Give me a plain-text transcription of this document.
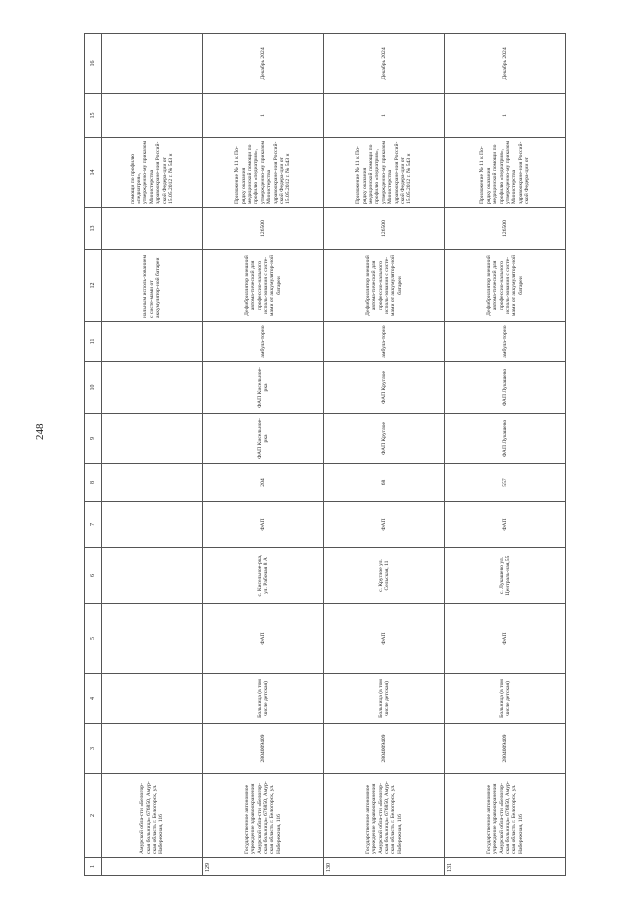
248
1	2	3	4	5	6	7	8	9	10	11	12	13	14	15	16
	Амурской обла-сти «Белогор-ская больница» 676850, Амур-ская область г. Белогорск, ул. Набережная, 116										нальным исполь-зованием с систе-мами от аккумулятор-ной батареи		помощи по профилю «педиатрия», утвержденно-му приказом Министерства здравоохране-ния Россий-ской Федера-ции от 15.05.2012 г. № 543 н		
129	Государственное автономное учреждение здравоохранения Амурской обла-сти «Белогор-ская больница» 676850, Амур-ская область г. Белогорск, ул. Набережная, 116	2804009409	Больница (в том числе детская)	ФАП	с. Кисельное-рка, ул. Рабочая 8 А	ФАП	204	ФАП Кисельное-рка	ФАП Кисельное-рка	амбула-торно	Дефибриллятор внешний автома-тический для профессио-нального исполь-зования с систе-мами от аккумулятор-ной батареи	126500	Приложение № 11 к По-рядку оказания медицинской помощи по профилю «педиатрия», утвержденно-му приказом Министерства здравоохране-ния Россий-ской Федера-ции от 15.05.2012 г. № 543 н	1	Декабрь 2024
130	Государственное автономное учреждение здравоохранения Амурской обла-сти «Белогор-ская больница» 676850, Амур-ская область г. Белогорск, ул. Набережная, 116	2804009409	Больница (в том числе детская)	ФАП	с. Круглое ул. Сельская, 11	ФАП	68	ФАП Круглое	ФАП Круглое	амбула-торно	Дефибриллятор внешний автома-тический для профессио-нального исполь-зования с систе-мами от аккумулятор-ной батареи	126500	Приложение № 11 к По-рядку оказания медицинской помощи по профилю «педиатрия», утвержденно-му приказом Министерства здравоохране-ния Россий-ской Федера-ции от 15.05.2012 г. № 543 н	1	Декабрь 2024
131	Государственное автономное учреждение здравоохранения Амурской обла-сти «Белогор-ская больница» 676850, Амур-ская область г. Белогорск, ул. Набережная, 116	2804009409	Больница (в том числе детская)	ФАП	с. Лукашево ул. Централь-ная,55	ФАП	557	ФАП Лукашево	ФАП Лукашево	амбула-торно	Дефибриллятор внешний автома-тический для профессио-нального исполь-зования с систе-мами от аккумулятор-ной батареи	126500	Приложение № 11 к По-рядку оказания медицинской помощи по профилю «педиатрия», утвержденно-му приказом Министерства здравоохране-ния Россий-ской Федера-ции от	1	Декабрь 2024
